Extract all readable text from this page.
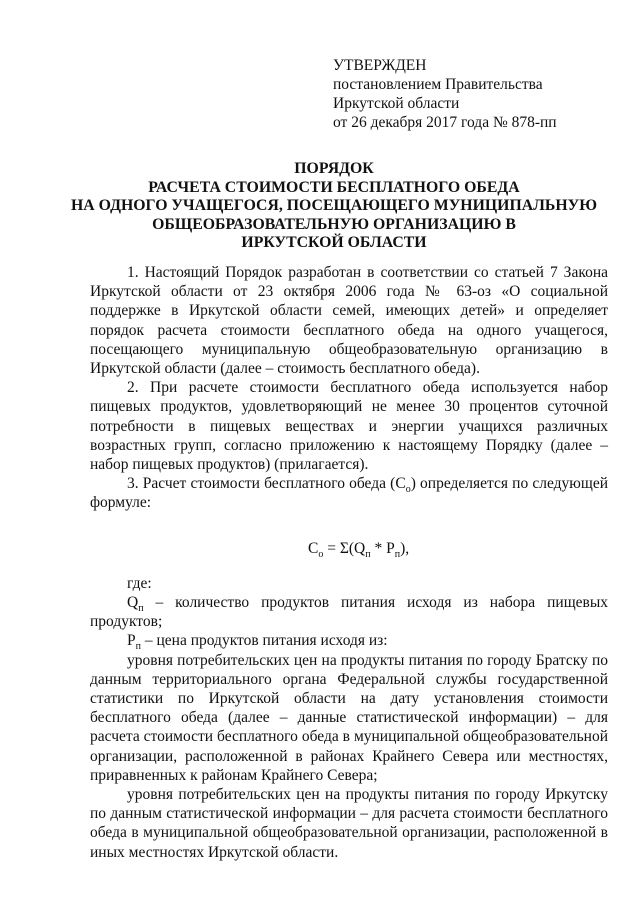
УТВЕРЖДЕН
постановлением Правительства
Иркутской области
от 26 декабря 2017 года № 878-пп
ПОРЯДОК
РАСЧЕТА СТОИМОСТИ БЕСПЛАТНОГО ОБЕДА
НА ОДНОГО УЧАЩЕГОСЯ, ПОСЕЩАЮЩЕГО МУНИЦИПАЛЬНУЮ
ОБЩЕОБРАЗОВАТЕЛЬНУЮ ОРГАНИЗАЦИЮ В
ИРКУТСКОЙ ОБЛАСТИ

1. Настоящий Порядок разработан в соответствии со статьей 7 Закона Иркутской области от 23 октября 2006 года № 63-оз «О социальной поддержке в Иркутской области семей, имеющих детей» и определяет порядок расчета стоимости бесплатного обеда на одного учащегося, посещающего муниципальную общеобразовательную организацию в Иркутской области (далее – стоимость бесплатного обеда).

2. При расчете стоимости бесплатного обеда используется набор пищевых продуктов, удовлетворяющий не менее 30 процентов суточной потребности в пищевых веществах и энергии учащихся различных возрастных групп, согласно приложению к настоящему Порядку (далее – набор пищевых продуктов) (прилагается).

3. Расчет стоимости бесплатного обеда $(С_о)$ определяется по следующей формуле:

$С_о = \Sigma(Q_п * Р_п)$,

где:

$Q_п$ – количество продуктов питания исходя из набора пищевых продуктов;

$Р_п$ – цена продуктов питания исходя из:

уровня потребительских цен на продукты питания по городу Братску по данным территориального органа Федеральной службы государственной статистики по Иркутской области на дату установления стоимости бесплатного обеда (далее – данные статистической информации) – для расчета стоимости бесплатного обеда в муниципальной общеобразовательной организации, расположенной в районах Крайнего Севера или местностях, приравненных к районам Крайнего Севера;

уровня потребительских цен на продукты питания по городу Иркутску по данным статистической информации – для расчета стоимости бесплатного обеда в муниципальной общеобразовательной организации, расположенной в иных местностях Иркутской области.
